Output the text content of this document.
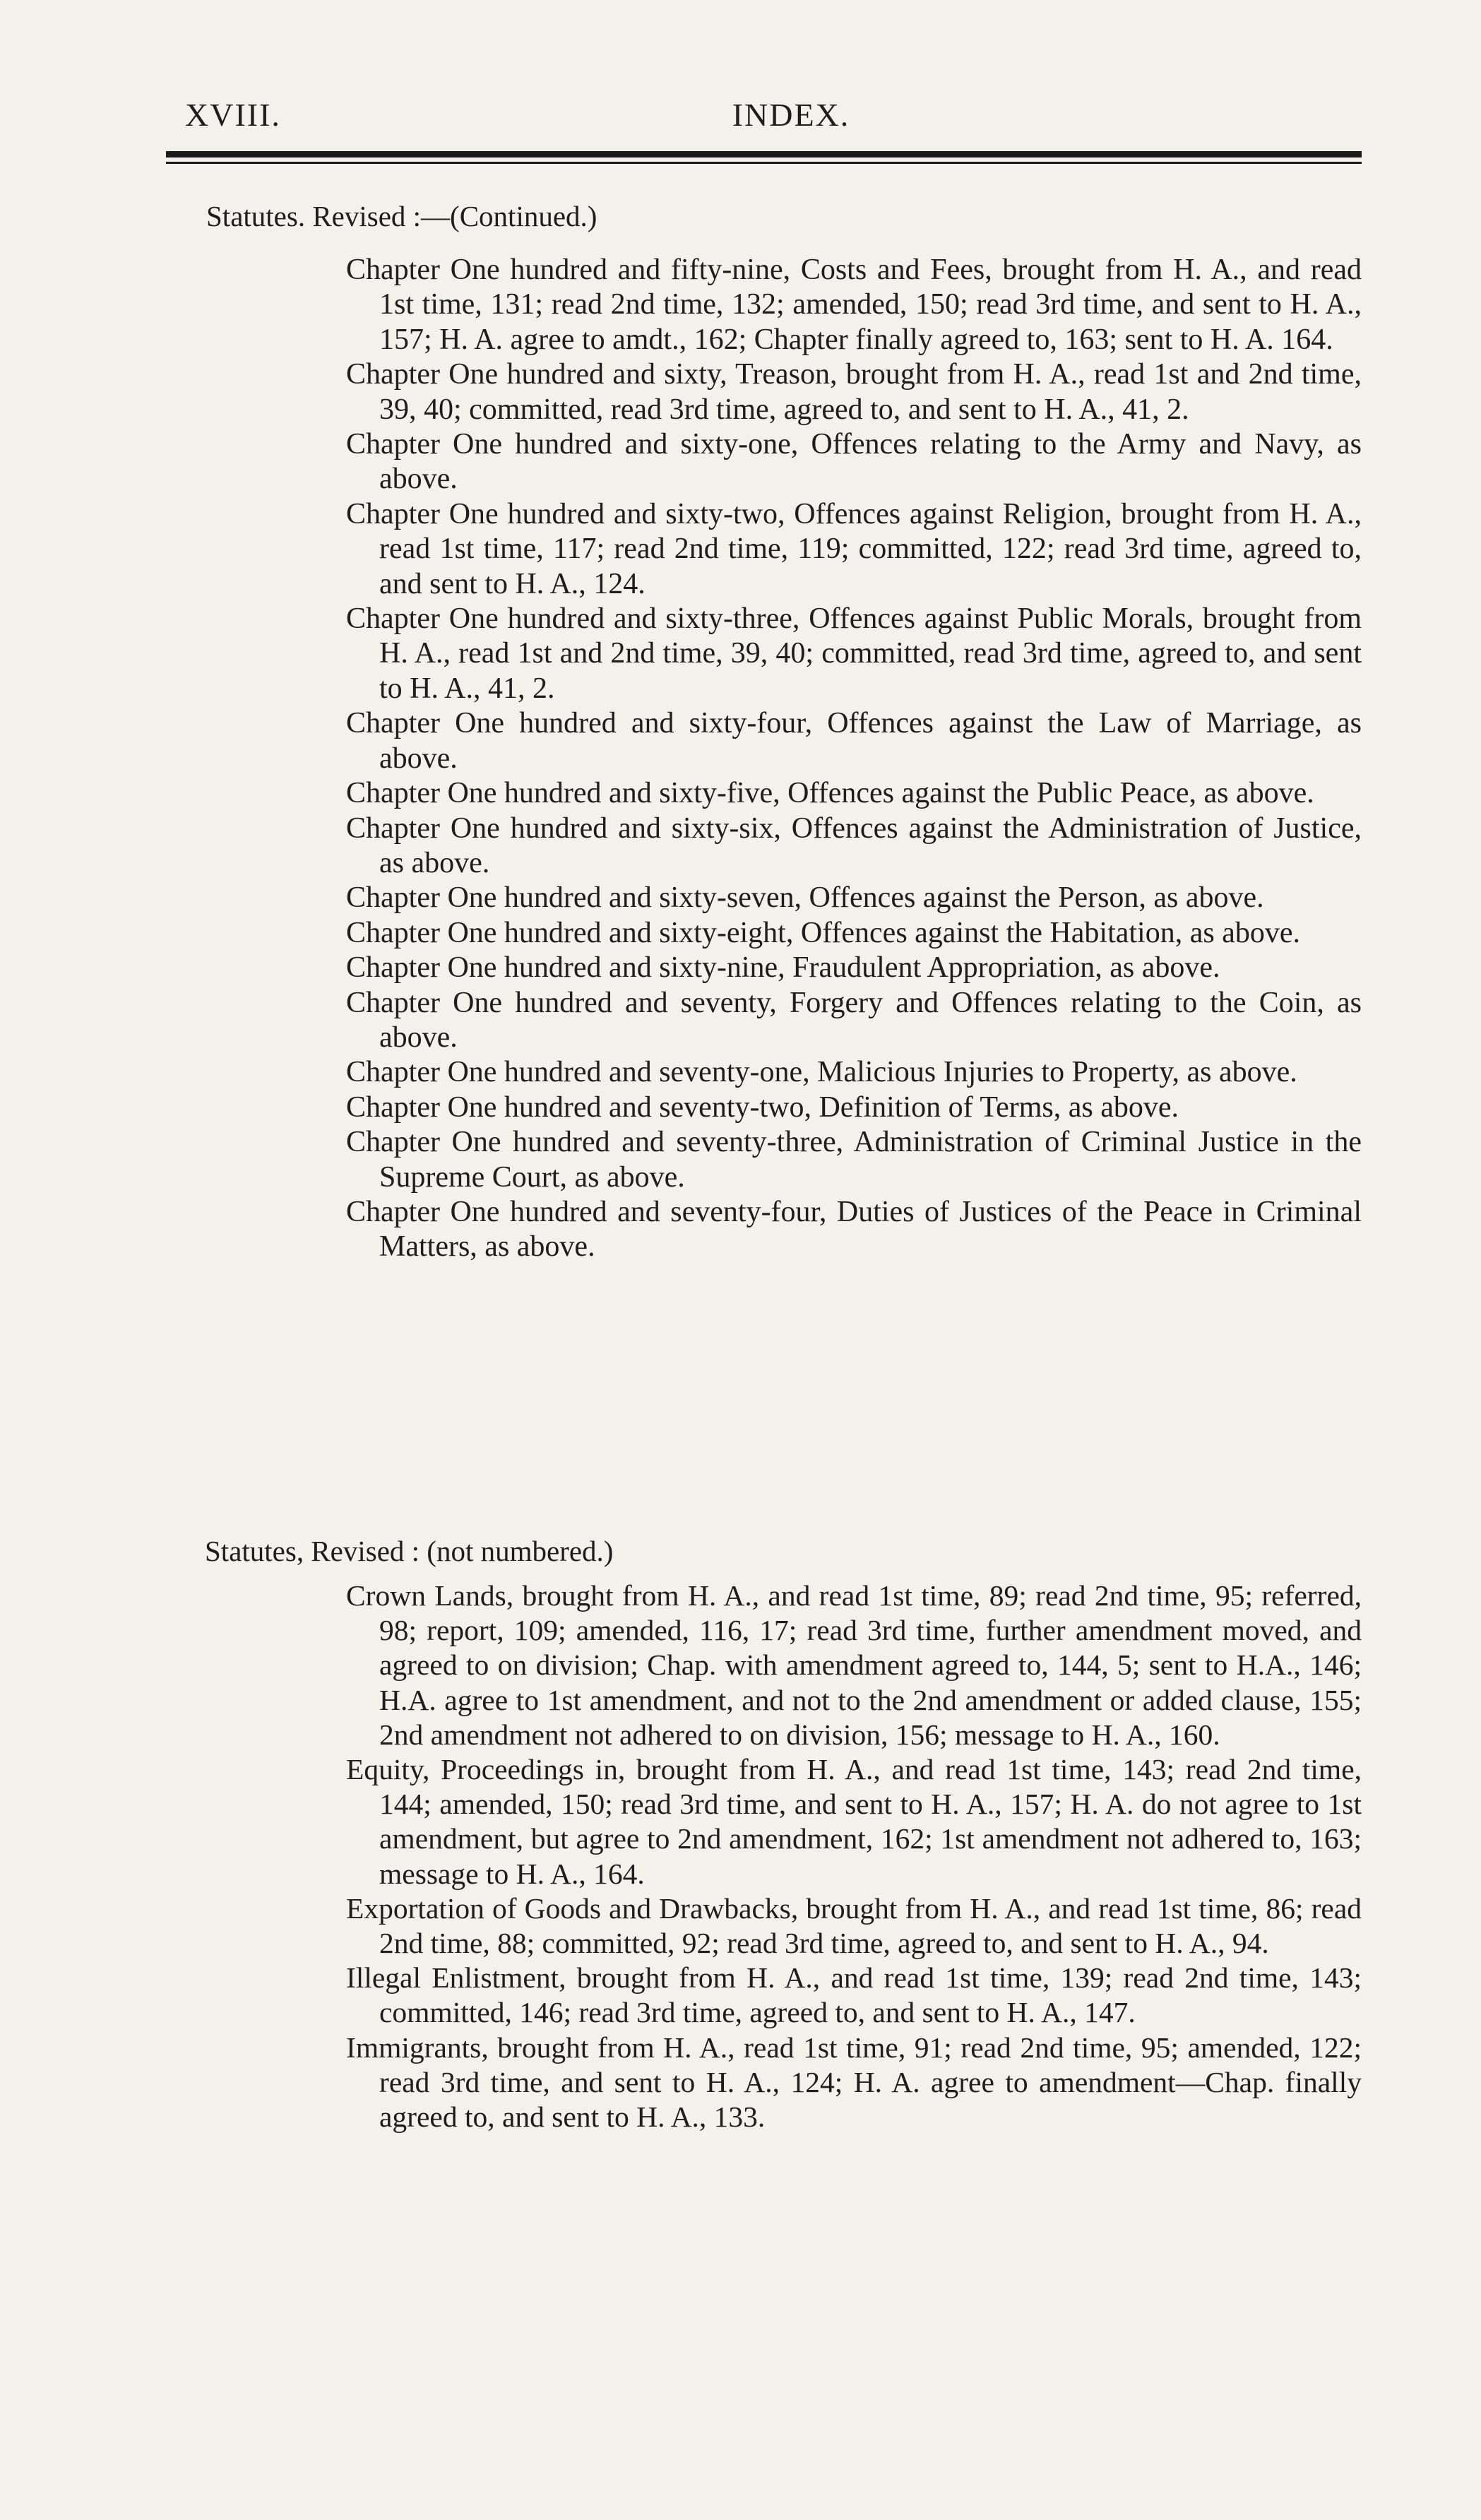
XVIII.	INDEX.
Statutes. Revised :—(Continued.)
Chapter One hundred and fifty-nine, Costs and Fees, brought from H. A., and read 1st time, 131; read 2nd time, 132; amended, 150; read 3rd time, and sent to H. A., 157; H. A. agree to amdt., 162; Chapter finally agreed to, 163; sent to H. A. 164.
Chapter One hundred and sixty, Treason, brought from H. A., read 1st and 2nd time, 39, 40; committed, read 3rd time, agreed to, and sent to H. A., 41, 2.
Chapter One hundred and sixty-one, Offences relating to the Army and Navy, as above.
Chapter One hundred and sixty-two, Offences against Religion, brought from H. A., read 1st time, 117; read 2nd time, 119; committed, 122; read 3rd time, agreed to, and sent to H. A., 124.
Chapter One hundred and sixty-three, Offences against Public Morals, brought from H. A., read 1st and 2nd time, 39, 40; committed, read 3rd time, agreed to, and sent to H. A., 41, 2.
Chapter One hundred and sixty-four, Offences against the Law of Marriage, as above.
Chapter One hundred and sixty-five, Offences against the Public Peace, as above.
Chapter One hundred and sixty-six, Offences against the Administration of Justice, as above.
Chapter One hundred and sixty-seven, Offences against the Person, as above.
Chapter One hundred and sixty-eight, Offences against the Habitation, as above.
Chapter One hundred and sixty-nine, Fraudulent Appropriation, as above.
Chapter One hundred and seventy, Forgery and Offences relating to the Coin, as above.
Chapter One hundred and seventy-one, Malicious Injuries to Property, as above.
Chapter One hundred and seventy-two, Definition of Terms, as above.
Chapter One hundred and seventy-three, Administration of Criminal Justice in the Supreme Court, as above.
Chapter One hundred and seventy-four, Duties of Justices of the Peace in Criminal Matters, as above.
Statutes, Revised : (not numbered.)
Crown Lands, brought from H. A., and read 1st time, 89; read 2nd time, 95; referred, 98; report, 109; amended, 116, 17; read 3rd time, further amendment moved, and agreed to on division; Chap. with amendment agreed to, 144, 5; sent to H.A., 146; H.A. agree to 1st amendment, and not to the 2nd amendment or added clause, 155; 2nd amendment not adhered to on division, 156; message to H. A., 160.
Equity, Proceedings in, brought from H. A., and read 1st time, 143; read 2nd time, 144; amended, 150; read 3rd time, and sent to H. A., 157; H. A. do not agree to 1st amendment, but agree to 2nd amendment, 162; 1st amendment not adhered to, 163; message to H. A., 164.
Exportation of Goods and Drawbacks, brought from H. A., and read 1st time, 86; read 2nd time, 88; committed, 92; read 3rd time, agreed to, and sent to H. A., 94.
Illegal Enlistment, brought from H. A., and read 1st time, 139; read 2nd time, 143; committed, 146; read 3rd time, agreed to, and sent to H. A., 147.
Immigrants, brought from H. A., read 1st time, 91; read 2nd time, 95; amended, 122; read 3rd time, and sent to H. A., 124; H. A. agree to amendment—Chap. finally agreed to, and sent to H. A., 133.
